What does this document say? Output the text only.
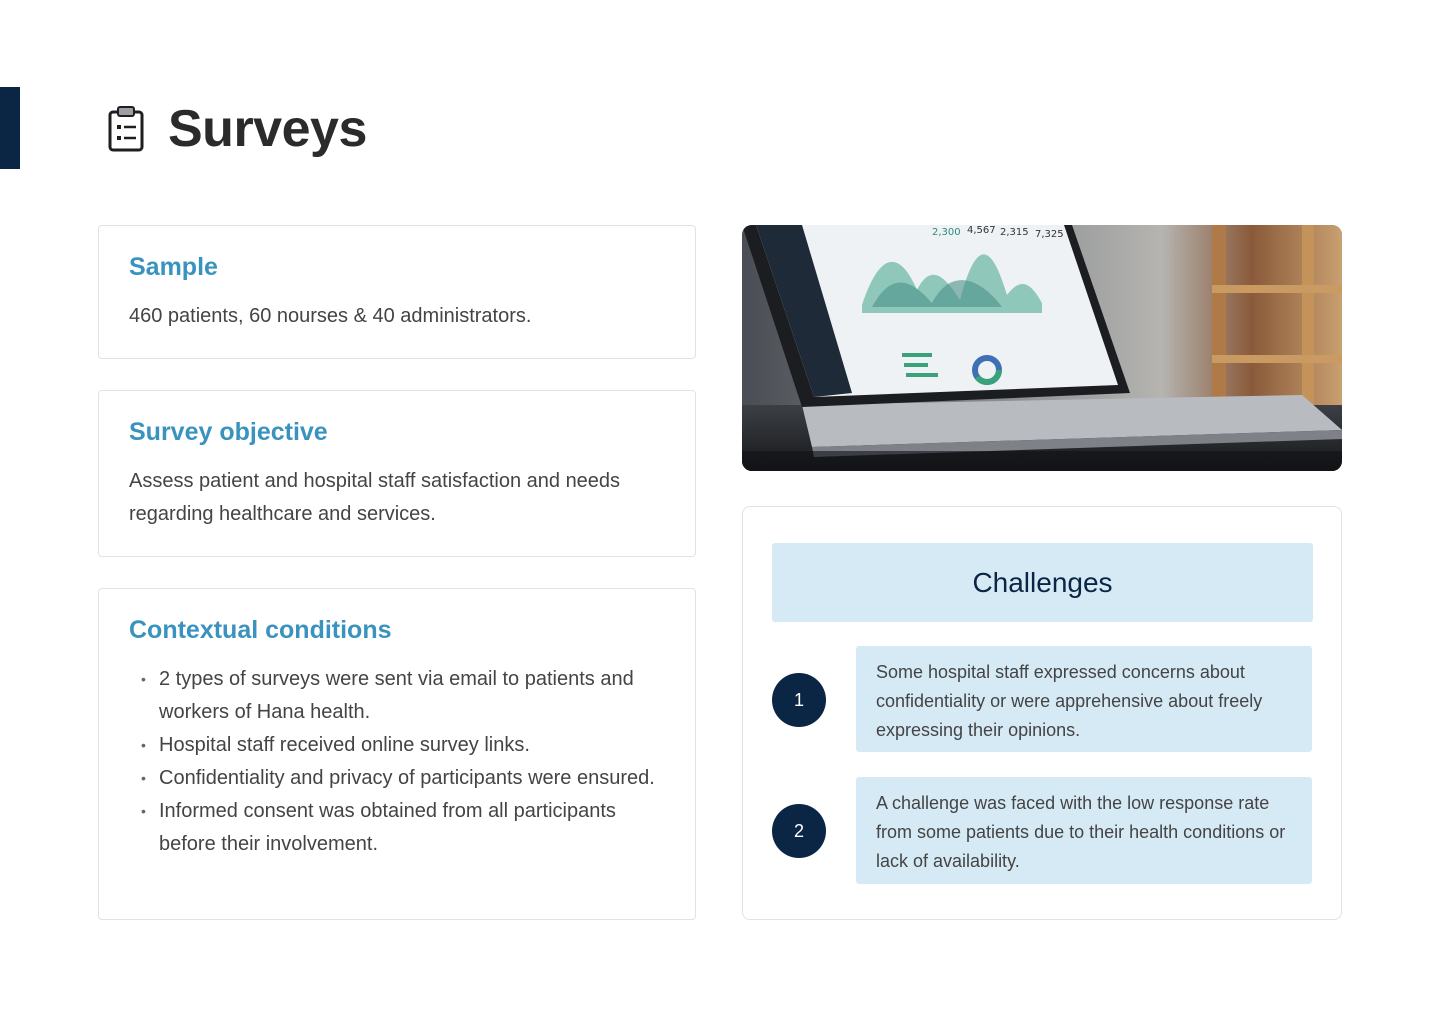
Surveys
Sample

460 patients, 60 nourses & 40 administrators.

Survey objective

Assess patient and hospital staff satisfaction and needs regarding healthcare and services.

Contextual conditions
• 2 types of surveys were sent via email to patients and workers of Hana health.
• Hospital staff received online survey links.
• Confidentiality and privacy of participants were ensured.
• Informed consent was obtained from all participants before their involvement.
2,300 4,567 2,315 7,325
Challenges
1
Some hospital staff expressed concerns about confidentiality or were apprehensive about freely expressing their opinions.
2
A challenge was faced with the low response rate from some patients due to their health conditions or lack of availability.
